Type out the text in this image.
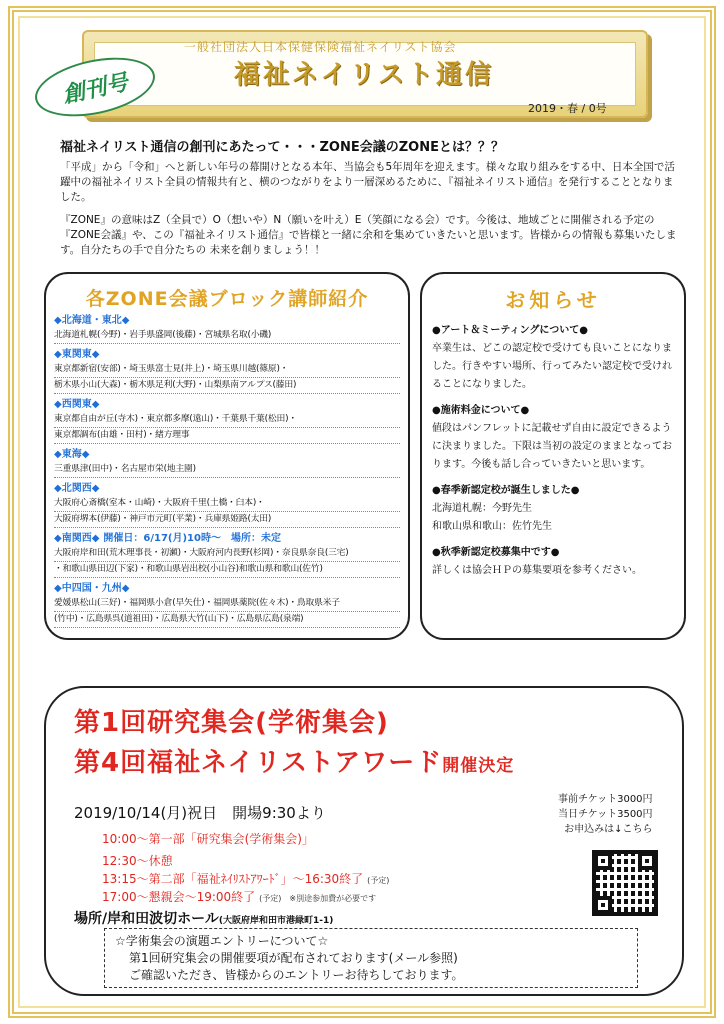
一般社団法人日本保健保険福祉ネイリスト協会
福祉ネイリスト通信
2019・春 / 0号
創刊号
福祉ネイリスト通信の創刊にあたって・・・ZONE会議のZONEとは？？？

「平成」から「令和」へと新しい年号の幕開けとなる本年、当協会も5年周年を迎えます。様々な取り組みをする中、日本全国で活躍中の福祉ネイリスト全員の情報共有と、横のつながりをより一層深めるために、『福祉ネイリスト通信』を発行することとなりました。

『ZONE』の意味はZ（全員で）O（想いや）N（願いを叶え）E（笑顔になる会）です。今後は、地域ごとに開催される予定の『ZONE会議』や、この『福祉ネイリスト通信』で皆様と一緒に余和を集めていきたいと思います。皆様からの情報も募集いたします。自分たちの手で自分たちの 未来を創りましょう！！

各ZONE会議ブロック講師紹介
◆北海道・東北◆
北海道札幌(今野)・岩手県盛岡(後藤)・宮城県名取(小磯)
◆東関東◆
東京都新宿(安部)・埼玉県富士見(井上)・埼玉県川越(篠原)・
栃木県小山(大森)・栃木県足利(大野)・山梨県南アルプス(藤田)
◆西関東◆
東京都自由が丘(寺木)・東京都多摩(遠山)・千葉県千葉(松田)・
東京都調布(由雄・田村)・緒方理事
◆東海◆
三重県津(田中)・名古屋市栄(地主園)
◆北関西◆
大阪府心斎橋(室本・山崎)・大阪府千里(土橋・臼本)・
大阪府堺本(伊藤)・神戸市元町(平業)・兵庫県姫路(太田)
◆南関西◆ 開催日：6/17(月)10時～　場所：未定
大阪府岸和田(荒木理事長・初瀬)・大阪府河内長野(杉岡)・奈良県奈良(三宅)
・和歌山県田辺(下家)・和歌山県岩出校(小山谷)和歌山県和歌山(佐竹)
◆中四国・九州◆
愛媛県松山(三好)・福岡県小倉(早矢仕)・福岡県薬院(佐々木)・鳥取県米子
(竹中)・広島県呉(道祖田)・広島県大竹(山下)・広島県広島(泉端)
お知らせ
●アート＆ミーティングについて●
卒業生は、どこの認定校で受けても良いことになりました。行きやすい場所、行ってみたい認定校で受けれることになりました。
●施術料金について●
値段はパンフレットに記載せず自由に設定できるように決まりました。下限は当初の設定のままとなっております。今後も話し合っていきたいと思います。
●春季新認定校が誕生しました●
北海道札幌：今野先生
和歌山県和歌山：佐竹先生
●秋季新認定校募集中です●
詳しくは協会ＨＰの募集要項を参考ください。
第1回研究集会(学術集会)
第4回福祉ネイリストアワード開催決定
2019/10/14(月)祝日　開場9:30より
10:00～第一部「研究集会(学術集会)」
12:30～休憩
13:15～第二部「福祉ﾈｲﾘｽﾄｱﾜｰﾄﾞ」～16:30終了 (予定)
17:00～懇親会～19:00終了 (予定)　※別途参加費が必要です
場所/岸和田波切ホール(大阪府岸和田市港緑町1-1)
事前チケット3000円
当日チケット3500円
お申込みは↓こちら
☆学術集会の演題エントリーについて☆
第1回研究集会の開催要項が配布されております(メール参照)
ご確認いただき、皆様からのエントリーお待ちしております。
